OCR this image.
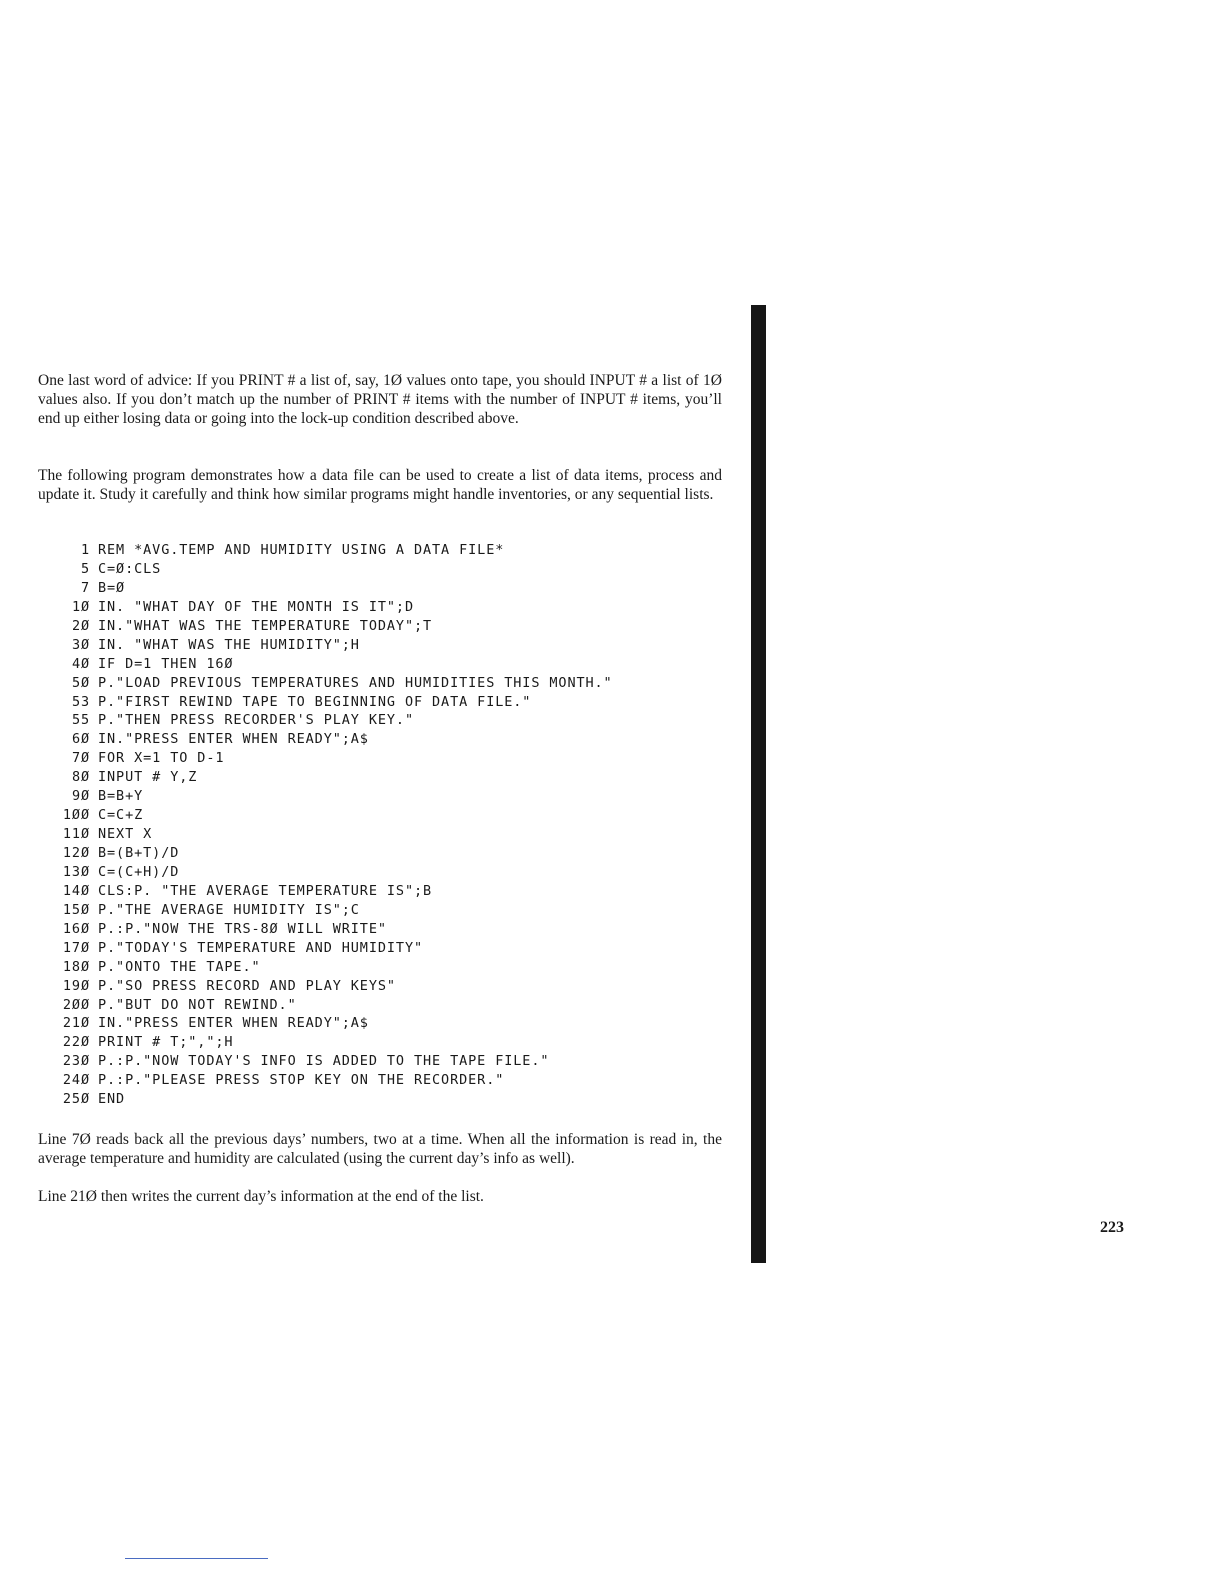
One last word of advice: If you PRINT # a list of, say, 1Ø values onto tape, you should INPUT # a list of 1Ø values also. If you don’t match up the number of PRINT # items with the number of INPUT # items, you’ll end up either losing data or going into the lock-up condition described above.

The following program demonstrates how a data file can be used to create a list of data items, process and update it. Study it carefully and think how similar programs might handle inventories, or any sequential lists.

1 REM *AVG.TEMP AND HUMIDITY USING A DATA FILE*
5 C=Ø:CLS
7 B=Ø
1Ø IN. "WHAT DAY OF THE MONTH IS IT";D
2Ø IN."WHAT WAS THE TEMPERATURE TODAY";T
3Ø IN. "WHAT WAS THE HUMIDITY";H
4Ø IF D=1 THEN 16Ø
5Ø P."LOAD PREVIOUS TEMPERATURES AND HUMIDITIES THIS MONTH."
53 P."FIRST REWIND TAPE TO BEGINNING OF DATA FILE."
55 P."THEN PRESS RECORDER'S PLAY KEY."
6Ø IN."PRESS ENTER WHEN READY";A$
7Ø FOR X=1 TO D-1
8Ø INPUT # Y,Z
9Ø B=B+Y
1ØØ C=C+Z
11Ø NEXT X
12Ø B=(B+T)/D
13Ø C=(C+H)/D
14Ø CLS:P. "THE AVERAGE TEMPERATURE IS";B
15Ø P."THE AVERAGE HUMIDITY IS";C
16Ø P.:P."NOW THE TRS-8Ø WILL WRITE"
17Ø P."TODAY'S TEMPERATURE AND HUMIDITY"
18Ø P."ONTO THE TAPE."
19Ø P."SO PRESS RECORD AND PLAY KEYS"
2ØØ P."BUT DO NOT REWIND."
21Ø IN."PRESS ENTER WHEN READY";A$
22Ø PRINT # T;",";H
23Ø P.:P."NOW TODAY'S INFO IS ADDED TO THE TAPE FILE."
24Ø P.:P."PLEASE PRESS STOP KEY ON THE RECORDER."
25Ø END

Line 7Ø reads back all the previous days’ numbers, two at a time. When all the information is read in, the average temperature and humidity are calculated (using the current day’s info as well).

Line 21Ø then writes the current day’s information at the end of the list.

223
